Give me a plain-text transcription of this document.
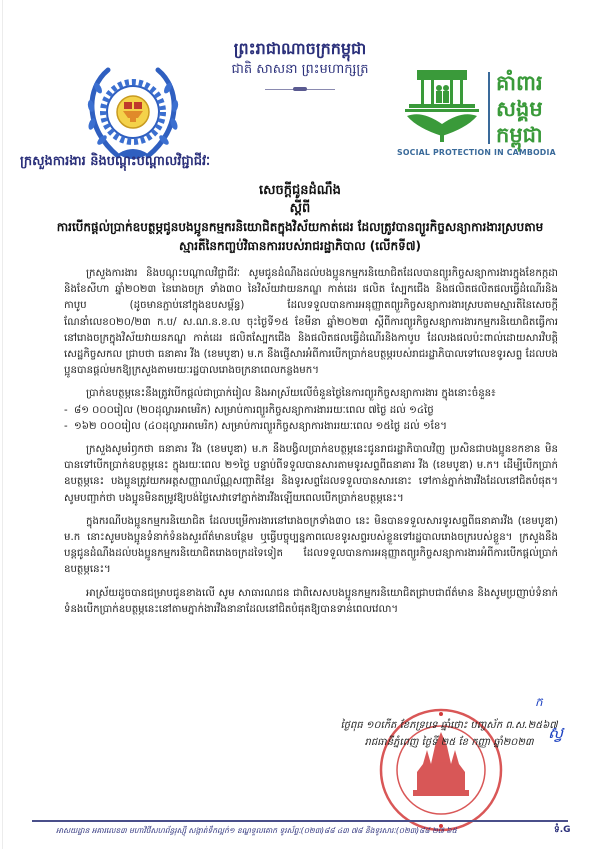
ក្រសួងការងារ និងបណ្តុះបណ្តាលវិជ្ជាជីវៈ
ព្រះរាជាណាចក្រកម្ពុជា
ជាតិ សាសនា ព្រះមហាក្សត្រ
គាំពារ
សង្គម
កម្ពុជា
SOCIAL PROTECTION IN CAMBODIA
សេចក្តីជូនដំណឹង
ស្តីពី
ការបើកផ្តល់ប្រាក់ឧបត្ថម្ភជូនបងប្អូនកម្មករនិយោជិតក្នុងវិស័យកាត់ដេរ ដែលត្រូវបានព្យួរកិច្ចសន្យាការងារស្របតាមស្មារតីនៃកញ្ចប់វិធានការរបស់រាជរដ្ឋាភិបាល (លើកទី៧)

ក្រសួងការងារ និងបណ្តុះបណ្តាលវិជ្ជាជីវៈ សូមជូនដំណឹងដល់បងប្អូនកម្មករនិយោជិតដែលបានព្យួរកិច្ចសន្យាការងារក្នុងខែកក្កដា និងខែសីហា ឆ្នាំ២០២៣ នៃរោងចក្រ ទាំង៣០ នៃវិស័យវាយនភណ្ឌ កាត់ដេរ ផលិត ស្បែកជើង និងផលិតផលិតផលធ្វើដំណើរនិងកាបូប (ដូចមានភ្ជាប់នៅក្នុងឧបសម្ព័ន្ធ) ដែលទទួលបានការអនុញ្ញាតព្យួរកិច្ចសន្យាការងារស្របតាមស្មារតីនៃសេចក្តីណែនាំលេខ០២០/២៣ ក.ប/ ស.ណ.ន.ខ.ល ចុះថ្ងៃទី១៥ ខែមីនា ឆ្នាំ២០២៣ ស្តីពីការព្យួរកិច្ចសន្យាការងារកម្មករនិយោជិតធ្វើការនៅរោងចក្រក្នុងវិស័យវាយនភណ្ឌ កាត់ដេរ ផលិតស្បែកជើង និងផលិតផលធ្វើដំណើរនិងកាបូប ដែលរងផលប៉ះពាល់ដោយសារវិបត្តិសេដ្ឋកិច្ចសកល ជ្រាបថា ធនាគារ វីង (ខេមបូឌា) ម.ក នឹងផ្ញើសារអំពីការបើកប្រាក់ឧបត្ថម្ភរបស់រាជរដ្ឋាភិបាលទៅលេខទូរសព្ទ ដែលបងប្អូនបានផ្តល់មកឱ្យក្រសួងតាមរយៈរដ្ឋបាលរោងចក្រនាពេលកន្លងមក។

ប្រាក់ឧបត្ថម្ភនេះនឹងត្រូវបើកផ្តល់ជាប្រាក់រៀល និងអាស្រ័យលើចំនួនថ្ងៃនៃការព្យួរកិច្ចសន្យាការងារ ក្នុងនោះចំនួន៖

- ៨១ ០០០រៀល (២០ដុល្លារអាមេរិក) សម្រាប់ការព្យួរកិច្ចសន្យាការងាររយៈពេល ៧ថ្ងៃ ដល់ ១៤ថ្ងៃ
- ១៦២ ០០០រៀល (៤០ដុល្លារអាមេរិក) សម្រាប់ការព្យួរកិច្ចសន្យាការងាររយៈពេល ១៥ថ្ងៃ ដល់ ១ខែ។

ក្រសួងសូមរំឭកថា ធនាគារ វីង (ខេមបូឌា) ម.ក នឹងបង្វិលប្រាក់ឧបត្ថម្ភនេះជូនរាជរដ្ឋាភិបាលវិញ ប្រសិនជាបងប្អូនខកខាន មិនបានទៅបើកប្រាក់ឧបត្ថម្ភនេះ ក្នុងរយៈពេល ២១ថ្ងៃ បន្ទាប់ពីទទួលបានសារតាមទូរសព្ទពីធនាគារ វីង (ខេមបូឌា) ម.ក។ ដើម្បីបើកប្រាក់ឧបត្ថម្ភនេះ បងប្អូនត្រូវយកអត្តសញ្ញាណប័ណ្ណសញ្ជាតិខ្មែរ និងទូរសព្ទដែលទទួលបានសារនោះ ទៅកាន់ភ្នាក់ងារវីងដែលនៅជិតបំផុត។ សូមបញ្ជាក់ថា បងប្អូនមិនតម្រូវឱ្យបង់ថ្លៃសេវាទៅភ្នាក់ងារវីងឡើយពេលបើកប្រាក់ឧបត្ថម្ភនេះ។

ក្នុងករណីបងប្អូនកម្មករនិយោជិត ដែលបម្រើការងារនៅរោងចក្រទាំង៣០ នេះ មិនបានទទួលសារទូរសព្ទពីធនាគារវីង (ខេមបូឌា) ម.ក នោះសូមបងប្អូនទំនាក់ទំនងសួរព័ត៌មានបន្ថែម ឬធ្វើបច្ចុប្បន្នភាពលេខទូរសព្ទរបស់ខ្លួនទៅរដ្ឋបាលរោងចក្ររបស់ខ្លួន។ ក្រសួងនឹងបន្តជូនដំណឹងដល់បងប្អូនកម្មករនិយោជិតរោងចក្រដទៃទៀត ដែលទទួលបានការអនុញ្ញាតព្យួរកិច្ចសន្យាការងារអំពីការបើកផ្តល់ប្រាក់ឧបត្ថម្ភនេះ។

អាស្រ័យដូចបានជម្រាបជូនខាងលើ សូម សាធារណជន ជាពិសេសបងប្អូនកម្មករនិយោជិតជ្រាបជាព័ត៌មាន និងសូមប្រញាប់ទំនាក់ទំនងបើកប្រាក់ឧបត្ថម្ភនេះនៅតាមភ្នាក់ងារវីងនានាដែលនៅជិតបំផុតឱ្យបានទាន់ពេលវេលា។

ក
ថ្ងៃពុធ ១០កើត ខែភទ្របទ ឆ្នាំថោះ បញ្ចស័ក ព.ស.២៥៦៧
រាជធានីភ្នំពេញ ថ្ងៃទី ២៥ ខែ កញ្ញា ឆ្នាំ២០២៣
ស្វ
អាសយដ្ឋាន អគារលេខ៣ មហាវិថីសហព័ន្ធរុស្ស៊ី សង្កាត់ទឹកល្អក់១ ខណ្ឌទួលគោក ទូរស័ព្ទៈ(០២៣)៨៨ ៤៣ ៧៨ និងទូរសារៈ(០២៣)៨៨ ២៧ ៦៥	ទំ.G
